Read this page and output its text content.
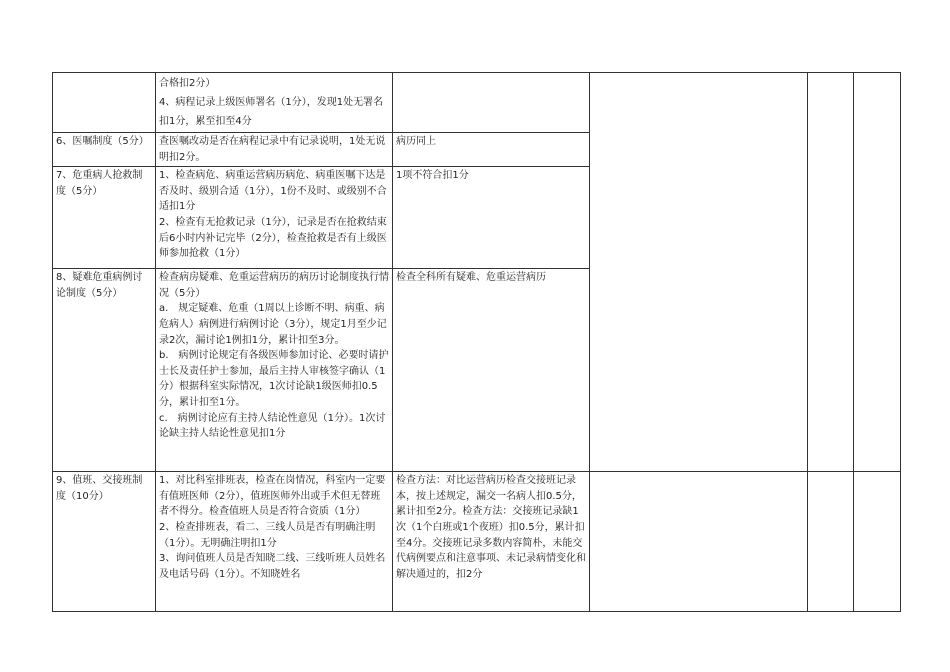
	合格扣2分）
4、病程记录上级医师署名（1分），发现1处无署名扣1分，累至扣至4分				

6、医嘱制度（5分）	查医嘱改动是否在病程记录中有记录说明，1处无说明扣2分。	病历同上			
7、危重病人抢救制度（5分）	1、检查病危、病重运营病历病危、病重医嘱下达是否及时、级别合适（1分），1份不及时、或级别不合适扣1分
2、检查有无抢救记录（1分），记录是否在抢救结束后6小时内补记完毕（2分），检查抢救是否有上级医师参加抢救（1分）	1项不符合扣1分			
8、疑难危重病例讨论制度（5分）	检查病房疑难、危重运营病历的病历讨论制度执行情况（5分）
a.　规定疑难、危重（1周以上诊断不明、病重、病危病人）病例进行病例讨论（3分），规定1月至少记录2次，漏讨论1例扣1分，累计扣至3分。
b.　病例讨论规定有各级医师参加讨论、必要时请护士长及责任护士参加，最后主持人审核签字确认（1分）根据科室实际情况，1次讨论缺1级医师扣0.5分，累计扣至1分。
c.　病例讨论应有主持人结论性意见（1分）。1次讨论缺主持人结论性意见扣1分	检查全科所有疑难、危重运营病历			
9、值班、交接班制度（10分）	1、对比科室排班表，检查在岗情况，科室内一定要有值班医师（2分），值班医师外出或手术但无替班者不得分。检查值班人员是否符合资质（1分）
2、检查排班表，看二、三线人员是否有明确注明（1分）。无明确注明扣1分
3、询问值班人员是否知晓二线、三线听班人员姓名及电话号码（1分）。不知晓姓名	检查方法：对比运营病历检查交接班记录本，按上述规定，漏交一名病人扣0.5分，累计扣至2分。检查方法：交接班记录缺1次（1个白班或1个夜班）扣0.5分，累计扣至4分。交接班记录多数内容简朴，未能交代病例要点和注意事项、未记录病情变化和解决通过的，扣2分			
